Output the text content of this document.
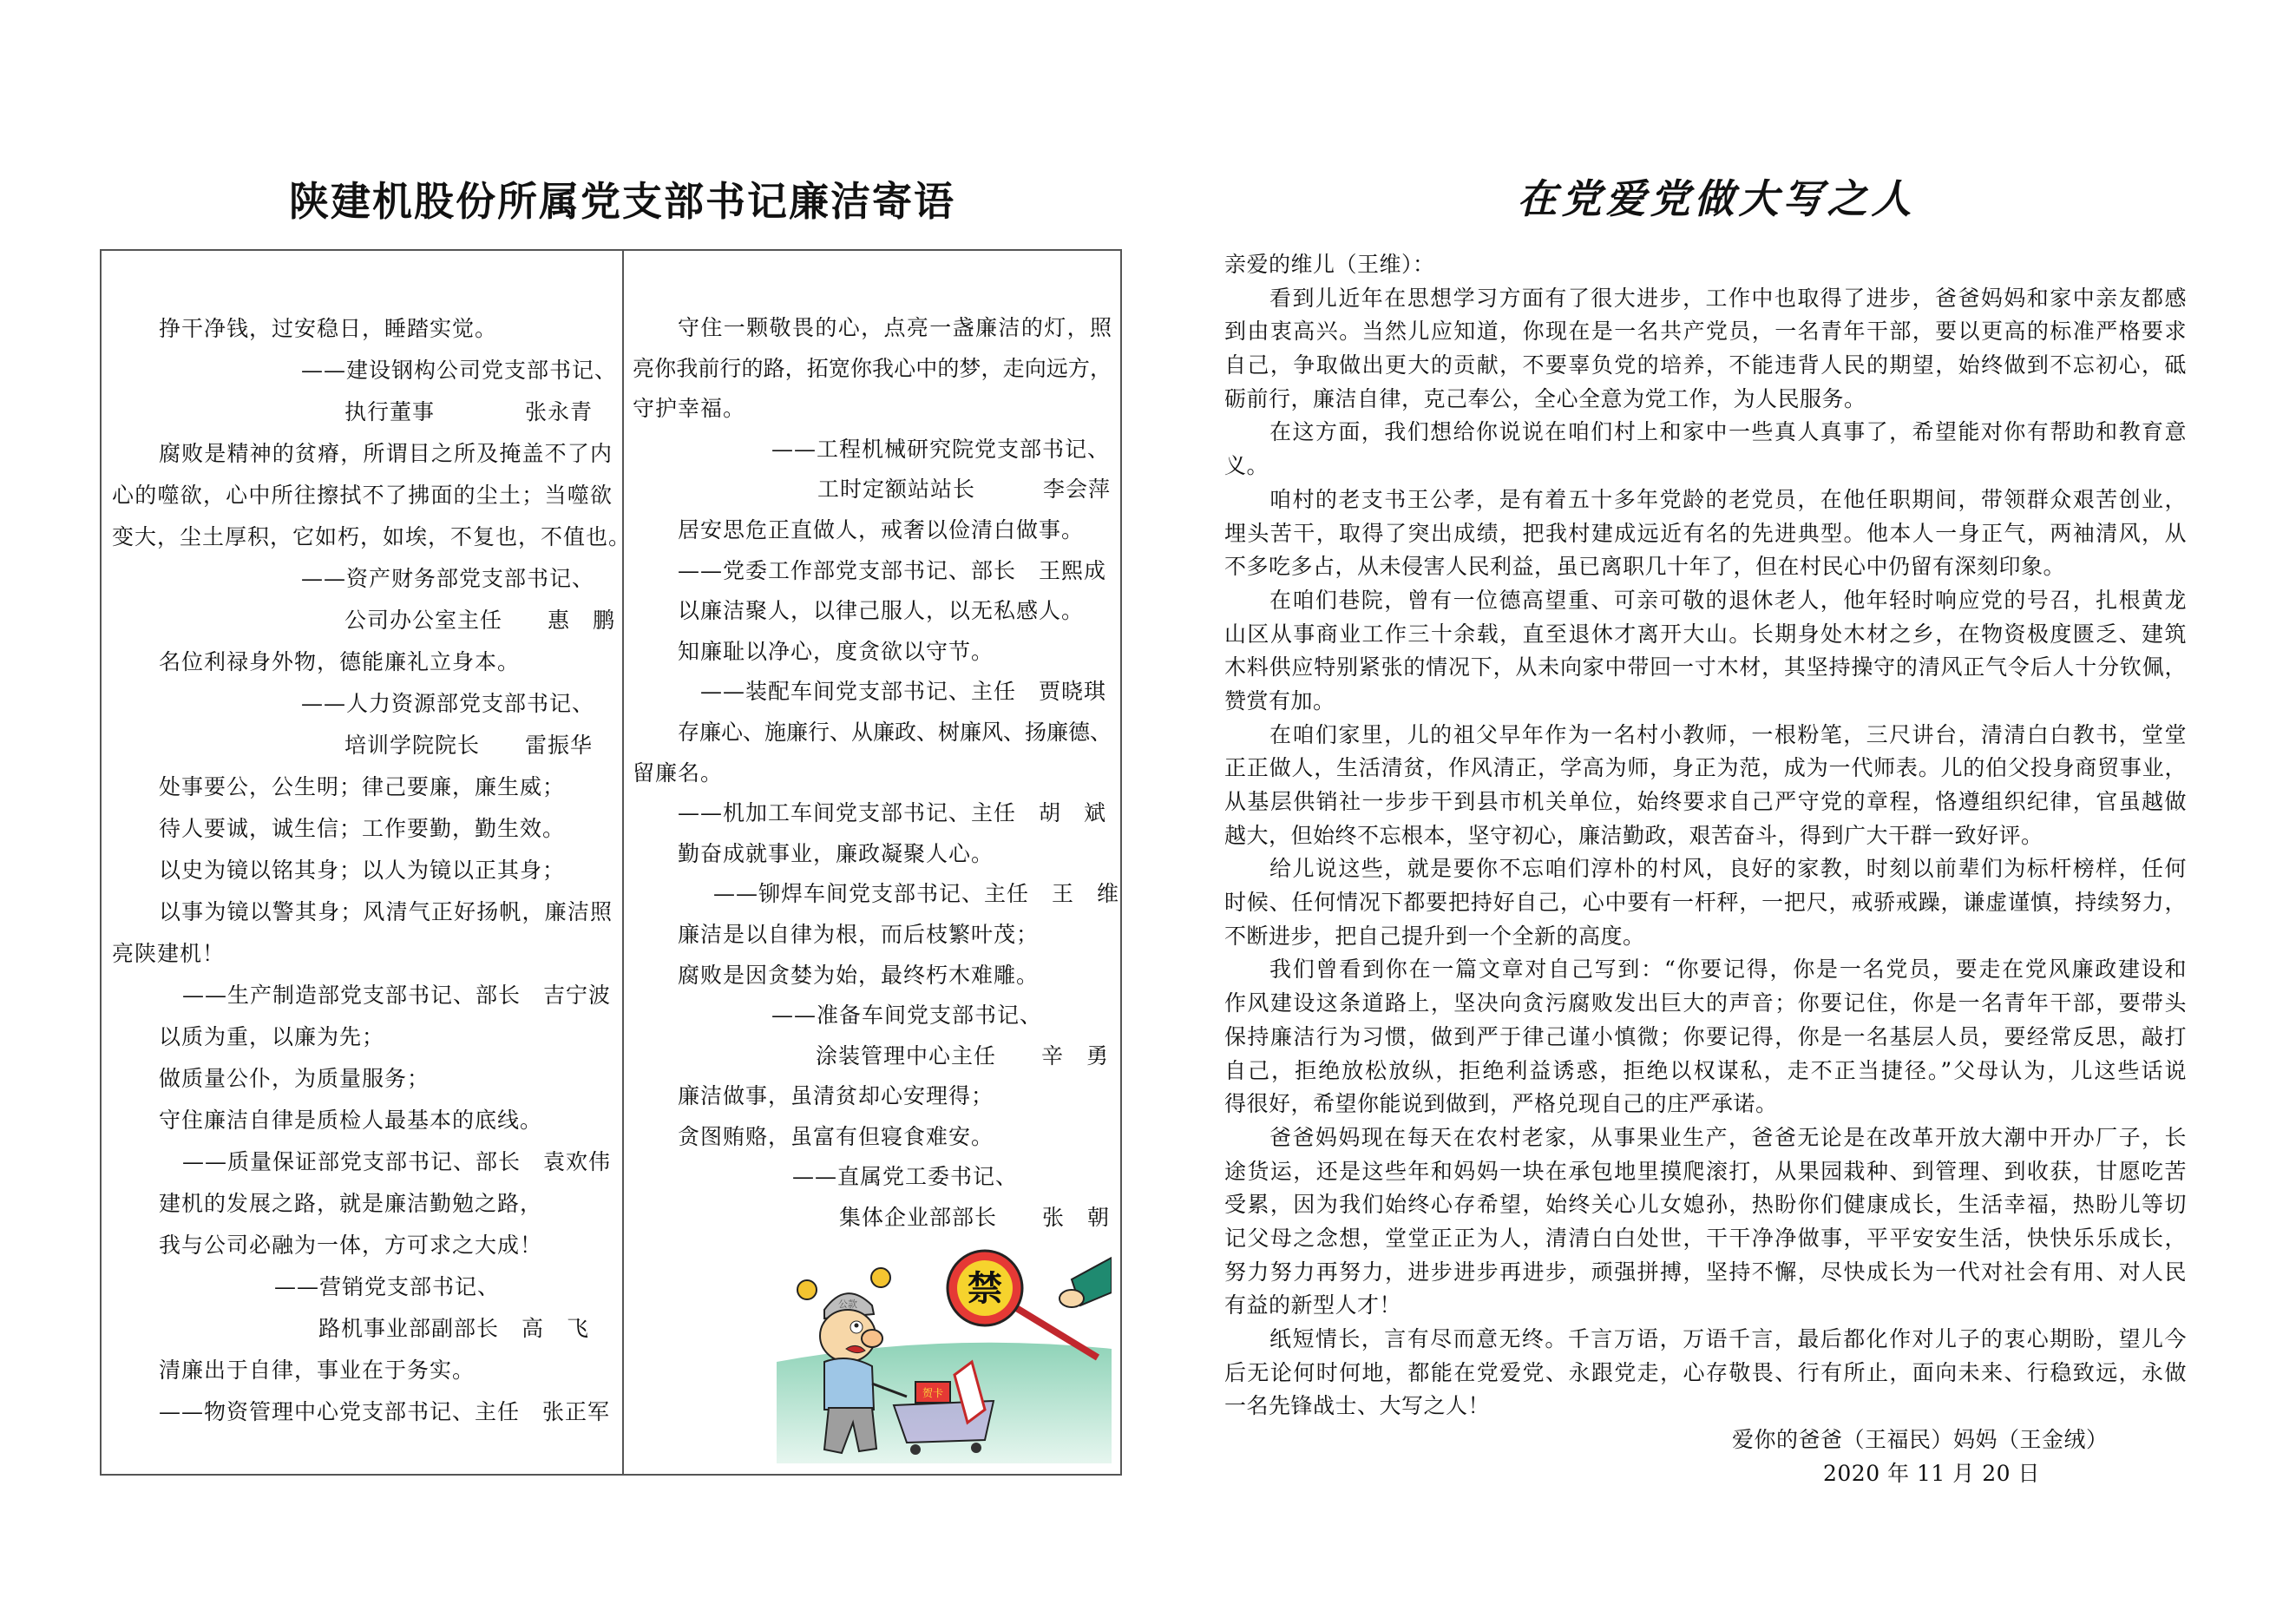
陕建机股份所属党支部书记廉洁寄语
挣干净钱，过安稳日，睡踏实觉。
——建设钢构公司党支部书记、
执行董事　　　　张永青
腐败是精神的贫瘠，所谓目之所及掩盖不了内
心的噬欲，心中所往擦拭不了拂面的尘土；当噬欲
变大，尘土厚积，它如朽，如埃，不复也，不值也。
——资产财务部党支部书记、
公司办公室主任　　惠　鹏
名位利禄身外物，德能廉礼立身本。
——人力资源部党支部书记、
培训学院院长　　雷振华
处事要公，公生明；律己要廉，廉生威；
待人要诚，诚生信；工作要勤，勤生效。
以史为镜以铭其身；以人为镜以正其身；
以事为镜以警其身；风清气正好扬帆，廉洁照
亮陕建机！
——生产制造部党支部书记、部长　吉宁波
以质为重，以廉为先；
做质量公仆，为质量服务；
守住廉洁自律是质检人最基本的底线。
——质量保证部党支部书记、部长　袁欢伟
建机的发展之路，就是廉洁勤勉之路，
我与公司必融为一体，方可求之大成！
——营销党支部书记、
路机事业部副部长　高　飞
清廉出于自律，事业在于务实。
——物资管理中心党支部书记、主任　张正军
守住一颗敬畏的心，点亮一盏廉洁的灯，照
亮你我前行的路，拓宽你我心中的梦，走向远方，
守护幸福。
——工程机械研究院党支部书记、
工时定额站站长　　　李会萍
居安思危正直做人，戒奢以俭清白做事。
——党委工作部党支部书记、部长　王熙成
以廉洁聚人，以律己服人，以无私感人。
知廉耻以净心，度贪欲以守节。
——装配车间党支部书记、主任　贾晓琪
存廉心、施廉行、从廉政、树廉风、扬廉德、
留廉名。
——机加工车间党支部书记、主任　胡　斌
勤奋成就事业，廉政凝聚人心。
——铆焊车间党支部书记、主任　王　维
廉洁是以自律为根，而后枝繁叶茂；
腐败是因贪婪为始，最终朽木难雕。
——准备车间党支部书记、
涂装管理中心主任　　辛　勇
廉洁做事，虽清贫却心安理得；
贪图贿赂，虽富有但寝食难安。
——直属党工委书记、
集体企业部部长　　张　朝
禁
公款
贺卡
在党爱党做大写之人
亲爱的维儿（王维）：
看到儿近年在思想学习方面有了很大进步，工作中也取得了进步，爸爸妈妈和家中亲友都感
到由衷高兴。当然儿应知道，你现在是一名共产党员，一名青年干部，要以更高的标准严格要求
自己，争取做出更大的贡献，不要辜负党的培养，不能违背人民的期望，始终做到不忘初心，砥
砺前行，廉洁自律，克己奉公，全心全意为党工作，为人民服务。
在这方面，我们想给你说说在咱们村上和家中一些真人真事了，希望能对你有帮助和教育意
义。
咱村的老支书王公孝，是有着五十多年党龄的老党员，在他任职期间，带领群众艰苦创业，
埋头苦干，取得了突出成绩，把我村建成远近有名的先进典型。他本人一身正气，两袖清风，从
不多吃多占，从未侵害人民利益，虽已离职几十年了，但在村民心中仍留有深刻印象。
在咱们巷院，曾有一位德高望重、可亲可敬的退休老人，他年轻时响应党的号召，扎根黄龙
山区从事商业工作三十余载，直至退休才离开大山。长期身处木材之乡，在物资极度匮乏、建筑
木料供应特别紧张的情况下，从未向家中带回一寸木材，其坚持操守的清风正气令后人十分钦佩，
赞赏有加。
在咱们家里，儿的祖父早年作为一名村小教师，一根粉笔，三尺讲台，清清白白教书，堂堂
正正做人，生活清贫，作风清正，学高为师，身正为范，成为一代师表。儿的伯父投身商贸事业，
从基层供销社一步步干到县市机关单位，始终要求自己严守党的章程，恪遵组织纪律，官虽越做
越大，但始终不忘根本，坚守初心，廉洁勤政，艰苦奋斗，得到广大干群一致好评。
给儿说这些，就是要你不忘咱们淳朴的村风，良好的家教，时刻以前辈们为标杆榜样，任何
时候、任何情况下都要把持好自己，心中要有一杆秤，一把尺，戒骄戒躁，谦虚谨慎，持续努力，
不断进步，把自己提升到一个全新的高度。
我们曾看到你在一篇文章对自己写到：“你要记得，你是一名党员，要走在党风廉政建设和
作风建设这条道路上，坚决向贪污腐败发出巨大的声音；你要记住，你是一名青年干部，要带头
保持廉洁行为习惯，做到严于律己谨小慎微；你要记得，你是一名基层人员，要经常反思，敲打
自己，拒绝放松放纵，拒绝利益诱惑，拒绝以权谋私，走不正当捷径。”父母认为，儿这些话说
得很好，希望你能说到做到，严格兑现自己的庄严承诺。
爸爸妈妈现在每天在农村老家，从事果业生产，爸爸无论是在改革开放大潮中开办厂子，长
途货运，还是这些年和妈妈一块在承包地里摸爬滚打，从果园栽种、到管理、到收获，甘愿吃苦
受累，因为我们始终心存希望，始终关心儿女媳孙，热盼你们健康成长，生活幸福，热盼儿等切
记父母之念想，堂堂正正为人，清清白白处世，干干净净做事，平平安安生活，快快乐乐成长，
努力努力再努力，进步进步再进步，顽强拼搏，坚持不懈，尽快成长为一代对社会有用、对人民
有益的新型人才！
纸短情长，言有尽而意无终。千言万语，万语千言，最后都化作对儿子的衷心期盼，望儿今
后无论何时何地，都能在党爱党、永跟党走，心存敬畏、行有所止，面向未来、行稳致远，永做
一名先锋战士、大写之人！
爱你的爸爸（王福民）妈妈（王金绒）
2020 年 11 月 20 日
